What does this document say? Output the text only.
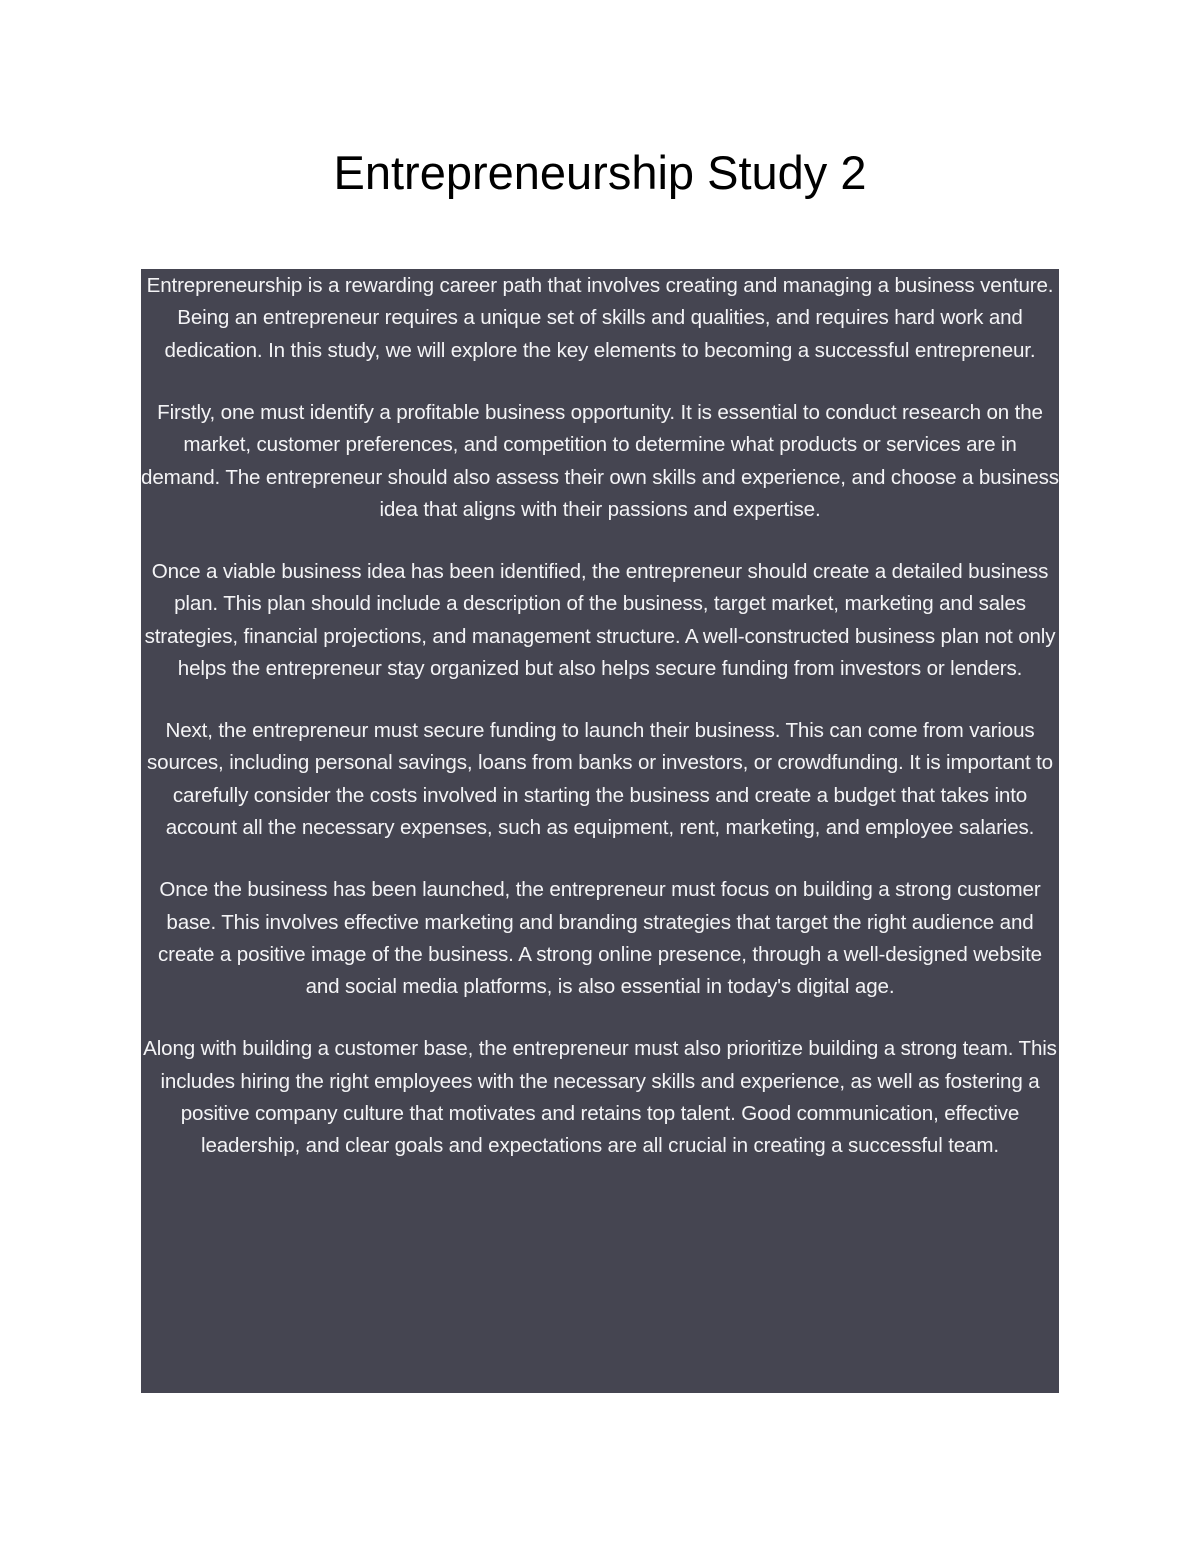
Entrepreneurship Study 2

Entrepreneurship is a rewarding career path that involves creating and managing a business venture. Being an entrepreneur requires a unique set of skills and qualities, and requires hard work and dedication. In this study, we will explore the key elements to becoming a successful entrepreneur.

Firstly, one must identify a profitable business opportunity. It is essential to conduct research on the market, customer preferences, and competition to determine what products or services are in demand. The entrepreneur should also assess their own skills and experience, and choose a business idea that aligns with their passions and expertise.

Once a viable business idea has been identified, the entrepreneur should create a detailed business plan. This plan should include a description of the business, target market, marketing and sales strategies, financial projections, and management structure. A well-constructed business plan not only helps the entrepreneur stay organized but also helps secure funding from investors or lenders.

Next, the entrepreneur must secure funding to launch their business. This can come from various sources, including personal savings, loans from banks or investors, or crowdfunding. It is important to carefully consider the costs involved in starting the business and create a budget that takes into account all the necessary expenses, such as equipment, rent, marketing, and employee salaries.

Once the business has been launched, the entrepreneur must focus on building a strong customer base. This involves effective marketing and branding strategies that target the right audience and create a positive image of the business. A strong online presence, through a well-designed website and social media platforms, is also essential in today's digital age.

Along with building a customer base, the entrepreneur must also prioritize building a strong team. This includes hiring the right employees with the necessary skills and experience, as well as fostering a positive company culture that motivates and retains top talent. Good communication, effective leadership, and clear goals and expectations are all crucial in creating a successful team.
